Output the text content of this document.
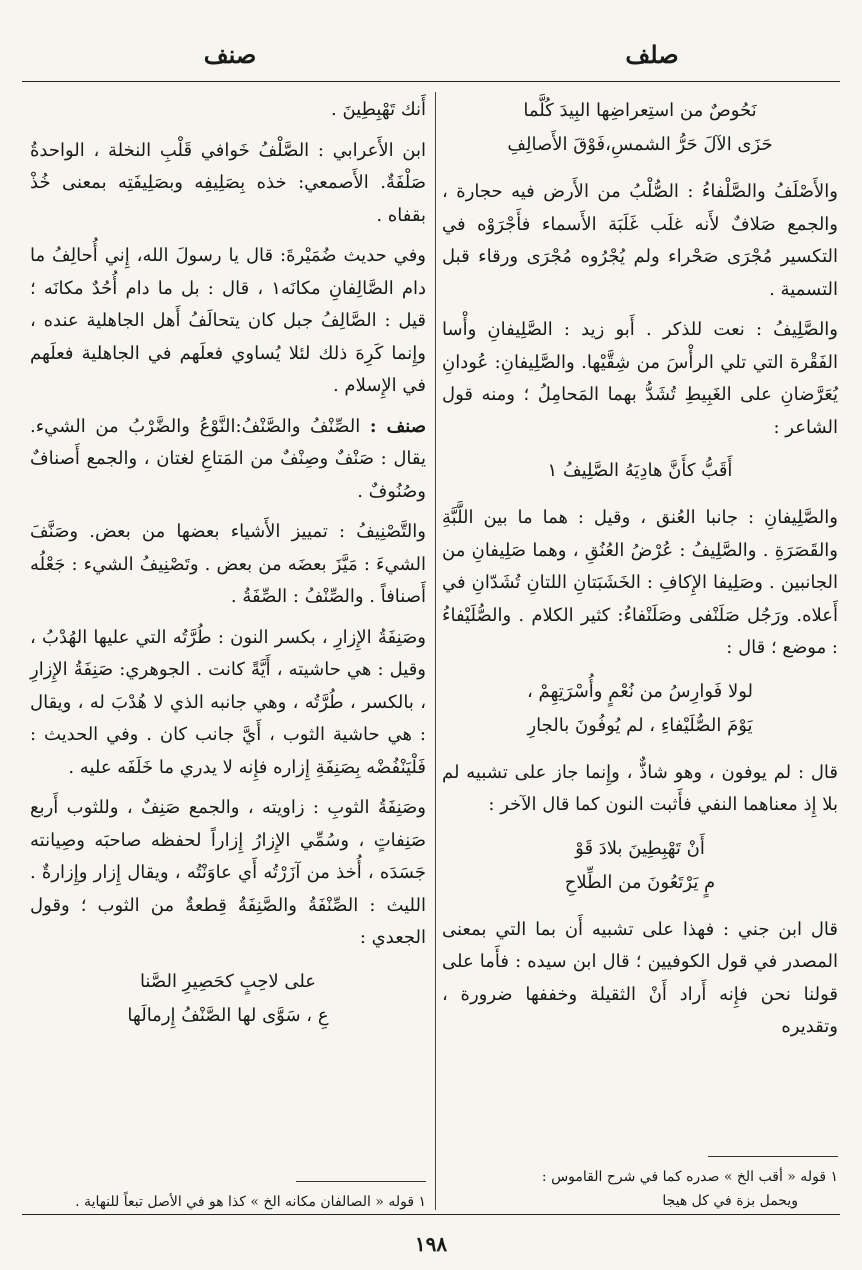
صلف
صنف
نَحُوصٌ من استِعراضِها البِيدَ كُلَّما
حَزَى الآلَ حَرُّ الشمسِ،فَوْقَ الأَصالِفِ

والأَصْلَفُ والصَّلْفاءُ : الصُّلْبُ من الأَرض فيه حجارة ، والجمع صَلافٌ لأَنه غلَب غَلَبَة الأَسماء فأَجْرَوْه في التكسير مُجْرَى صَحْراء ولم يُجْرُوه مُجْرَى ورقاء قبل التسمية .

والصَّلِيفُ : نعت للذكر . أَبو زيد : الصَّلِيفانِ وأْسا الفَقْرة التي تلي الرأْسَ من شِقَّيْها. والصَّلِيفانِ: عُودانِ يُعَرَّضانِ على الغَبِيطِ تُشَدُّ بهما المَحامِلُ ؛ ومنه قول الشاعر :

أَقَبُّ كأَنَّ هادِيَهُ الصَّلِيفُ ١

والصَّلِيفانِ : جانبا العُنق ، وقيل : هما ما بين اللَّبَّةِ والقَصَرَةِ . والصَّلِيفُ : عُرْضُ العُنُقِ ، وهما صَلِيفانِ من الجانبين . وصَلِيفا الإِكافِ : الخَشَبَتانِ اللتانِ تُشَدّانِ في أَعلاه. ورَجُل صَلَنْفى وصَلَنْفاءُ: كثير الكلام . والصُّلَيْفاءُ : موضع ؛ قال :

لولا فَوارِسُ من نُعْمٍ وأُسْرَتِهِمْ ،
يَوْمَ الصُّلَيْفاءِ ، لم يُوفُونَ بالجارِ

قال : لم يوفون ، وهو شاذٌّ ، وإِنما جاز على تشبيه لم بلا إِذ معناهما النفي فأَثبت النون كما قال الآخر :

أَنْ تَهْبِطِينَ بلادَ قَوْ
مٍ يَرْتَعُونَ من الطِّلاحِ

قال ابن جني : فهذا على تشبيه أَن بما التي بمعنى المصدر في قول الكوفيين ؛ قال ابن سيده : فأَما على قولنا نحن فإِنه أَراد أَنْ الثقيلة وخففها ضرورة ، وتقديره

١ قوله « أقب الخ » صدره كما في شرح القاموس :
ويحمل بزة في كل هيجا

أَنك تَهْبِطِينَ .

ابن الأَعرابي : الصَّلْفُ خَوافي قَلْبِ النخلة ، الواحدةُ صَلْفَةٌ. الأَصمعي: خذه بِصَلِيفِه وبصَلِيفَتِه بمعنى خُذْ بقفاه .

وفي حديث ضُمَيْرةَ: قال يا رسولَ الله، إِني أُحالِفُ ما دام الصَّالِفانِ مكانَه١ ، قال : بل ما دام أُحُدٌ مكانَه ؛ قيل : الصَّالِفُ جبل كان يتحالَفُ أَهل الجاهلية عنده ، وإِنما كَرِهَ ذلك لئلا يُساوي فعلَهم في الجاهلية فعلَهم في الإِسلام .

صنف : الصِّنْفُ والصَّنْفُ:النَّوْعُ والضَّرْبُ من الشيء. يقال : صَنْفٌ وصِنْفٌ من المَتاعِ لغتان ، والجمع أَصنافٌ وصُنُوفٌ .

والتَّصْنِيفُ : تمييز الأَشياء بعضها من بعض. وصَنَّفَ الشيءَ : مَيَّزَ بعضَه من بعض . وتَصْنِيفُ الشيء : جَعْلُه أَصنافاً . والصِّنْفُ : الصِّفَةُ .

وصَنِفَةُ الإِزارِ ، بكسر النون : طُرَّتُه التي عليها الهُدْبُ ، وقيل : هي حاشيته ، أَيَّةً كانت . الجوهري: صَنِفَةُ الإِزارِ ، بالكسر ، طُرَّتُه ، وهي جانبه الذي لا هُدْبَ له ، ويقال : هي حاشية الثوب ، أَيَّ جانب كان . وفي الحديث : فَلْيَنْفُضْه بِصَنِفَةِ إِزاره فإِنه لا يدري ما خَلَفَه عليه .

وصَنِفَةُ الثوبِ : زاويته ، والجمع صَنِفٌ ، وللثوب أَربع صَنِفاتٍ ، وسُمِّي الإِزارُ إِزاراً لحفظه صاحبَه وصِيانته جَسَدَه ، أُخذ من آزَرْتُه أَي عاوَنْتُه ، ويقال إِزار وإِزارةٌ . الليث : الصِّنْفَةُ والصَّنِفَةُ قِطعةٌ من الثوب ؛ وقول الجعدي :

على لاحِبٍ كحَصِيرِ الصَّنا
عِ ، سَوَّى لها الصَّنْفُ إِرمالَها
١ قوله « الصالفان مكانه الخ » كذا هو في الأصل تبعاً للنهاية .
١٩٨
